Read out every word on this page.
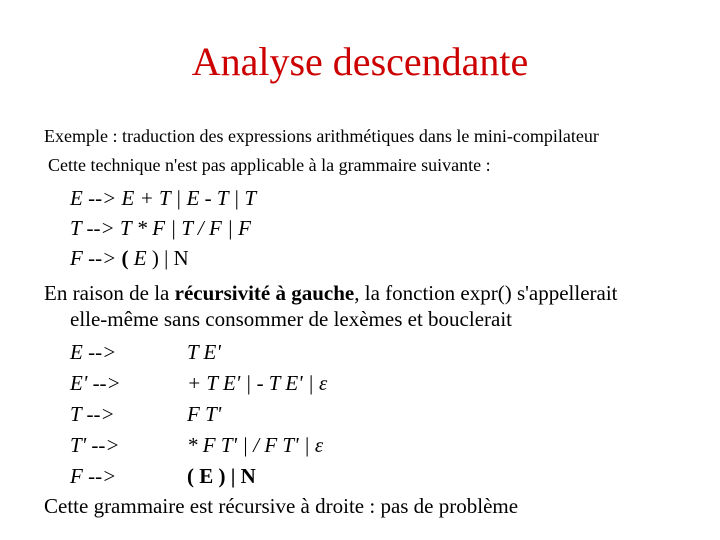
Analyse descendante
Exemple : traduction des expressions arithmétiques dans le mini-compilateur
Cette technique n'est pas applicable à la grammaire suivante :
E --> E + T | E - T | T
T --> T * F | T / F | F
F --> ( E ) | N
En raison de la récursivité à gauche, la fonction expr() s'appellerait
elle-même sans consommer de lexèmes et bouclerait
E -->	T E'
E' -->	+ T E' | - T E' | ε
T -->	F T'
T' -->	* F T' | / F T' | ε
F -->	( E ) | N
Cette grammaire est récursive à droite : pas de problème
